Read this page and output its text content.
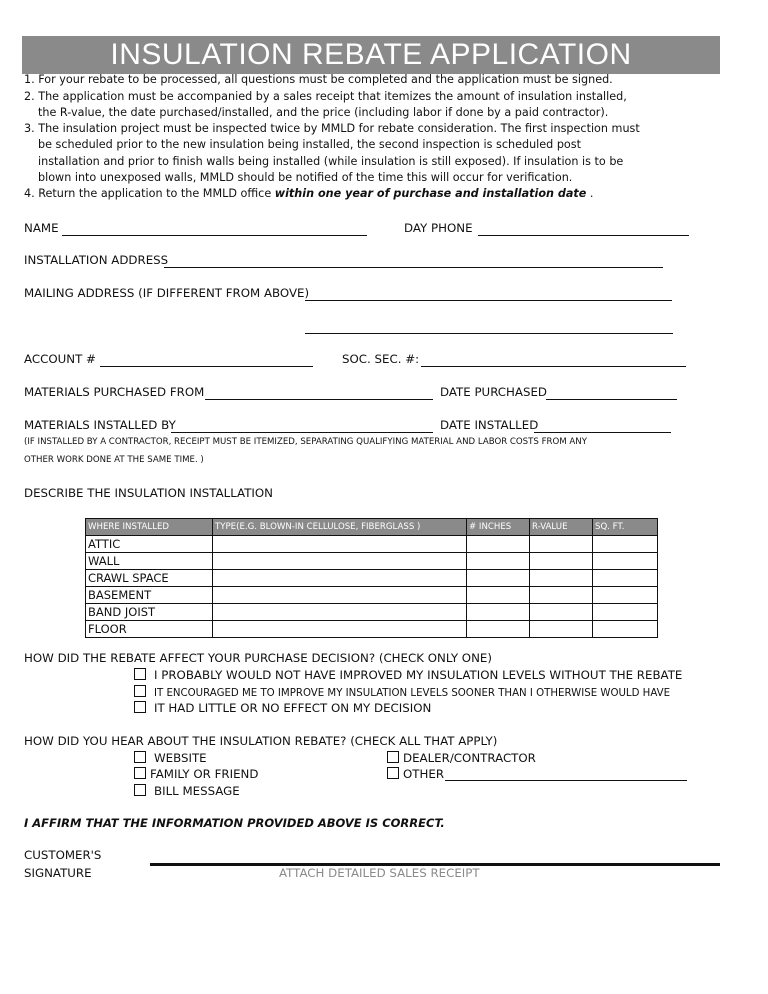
INSULATION REBATE APPLICATION
1. For your rebate to be processed, all questions must be completed and the application must be signed.
2. The application must be accompanied by a sales receipt that itemizes the amount of insulation installed,
the R-value, the date purchased/installed, and the price (including labor if done by a paid contractor).
3. The insulation project must be inspected twice by MMLD for rebate consideration. The first inspection must
be scheduled prior to the new insulation being installed, the second inspection is scheduled post
installation and prior to finish walls being installed (while insulation is still exposed). If insulation is to be
blown into unexposed walls, MMLD should be notified of the time this will occur for verification.
4. Return the application to the MMLD office within one year of purchase and installation date .
NAME	DAY PHONE
INSTALLATION ADDRESS
MAILING ADDRESS (IF DIFFERENT FROM ABOVE)
ACCOUNT #	SOC. SEC. #:
MATERIALS PURCHASED FROM	DATE PURCHASED
MATERIALS INSTALLED BY	DATE INSTALLED
(IF INSTALLED BY A CONTRACTOR, RECEIPT MUST BE ITEMIZED, SEPARATING QUALIFYING MATERIAL AND LABOR COSTS FROM ANY
OTHER WORK DONE AT THE SAME TIME. )
DESCRIBE THE INSULATION INSTALLATION
WHERE INSTALLED	TYPE(E.G. BLOWN-IN CELLULOSE, FIBERGLASS )	# INCHES	R-VALUE	SQ. FT.
ATTIC				
WALL				
CRAWL SPACE				
BASEMENT				
BAND JOIST				
FLOOR				
HOW DID THE REBATE AFFECT YOUR PURCHASE DECISION? (CHECK ONLY ONE)
I PROBABLY WOULD NOT HAVE IMPROVED MY INSULATION LEVELS WITHOUT THE REBATE
IT ENCOURAGED ME TO IMPROVE MY INSULATION LEVELS SOONER THAN I OTHERWISE WOULD HAVE
IT HAD LITTLE OR NO EFFECT ON MY DECISION
HOW DID YOU HEAR ABOUT THE INSULATION REBATE? (CHECK ALL THAT APPLY)
WEBSITE
FAMILY OR FRIEND
BILL MESSAGE
DEALER/CONTRACTOR
OTHER
I AFFIRM THAT THE INFORMATION PROVIDED ABOVE IS CORRECT.
CUSTOMER'S
SIGNATURE	ATTACH DETAILED SALES RECEIPT
